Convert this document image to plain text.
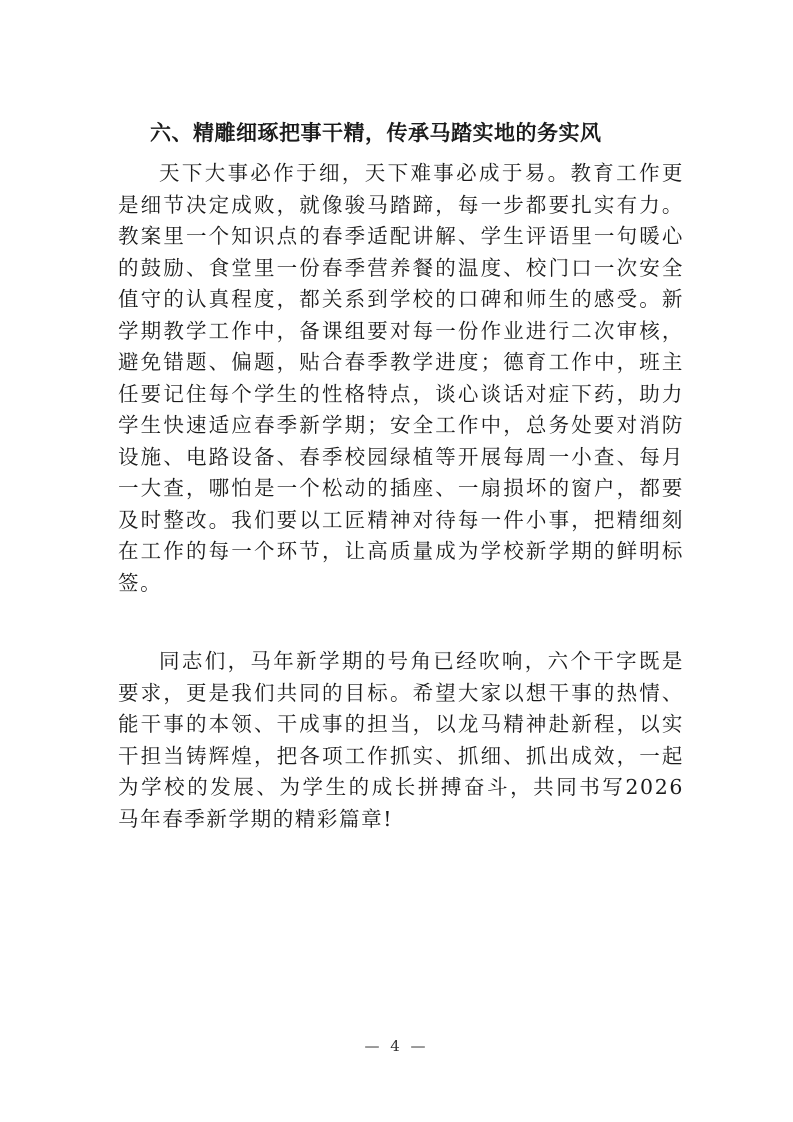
六、精雕细琢把事干精，传承马踏实地的务实风

天下大事必作于细，天下难事必成于易。教育工作更是细节决定成败，就像骏马踏蹄，每一步都要扎实有力。教案里一个知识点的春季适配讲解、学生评语里一句暖心的鼓励、食堂里一份春季营养餐的温度、校门口一次安全值守的认真程度，都关系到学校的口碑和师生的感受。新学期教学工作中，备课组要对每一份作业进行二次审核，避免错题、偏题，贴合春季教学进度；德育工作中，班主任要记住每个学生的性格特点，谈心谈话对症下药，助力学生快速适应春季新学期；安全工作中，总务处要对消防设施、电路设备、春季校园绿植等开展每周一小查、每月一大查，哪怕是一个松动的插座、一扇损坏的窗户，都要及时整改。我们要以工匠精神对待每一件小事，把精细刻在工作的每一个环节，让高质量成为学校新学期的鲜明标签。

同志们，马年新学期的号角已经吹响，六个干字既是要求，更是我们共同的目标。希望大家以想干事的热情、能干事的本领、干成事的担当，以龙马精神赴新程，以实干担当铸辉煌，把各项工作抓实、抓细、抓出成效，一起为学校的发展、为学生的成长拼搏奋斗，共同书写2026马年春季新学期的精彩篇章!

— 4 —
